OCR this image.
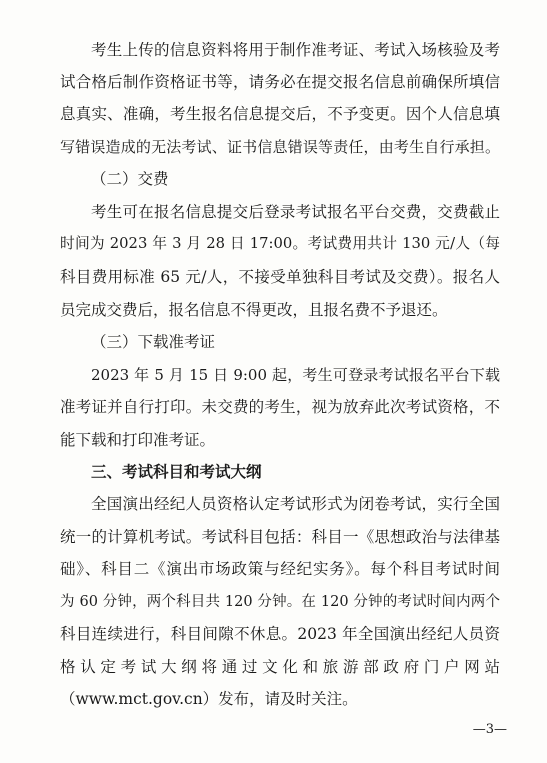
考生上传的信息资料将用于制作准考证、考试入场核验及考
试合格后制作资格证书等，请务必在提交报名信息前确保所填信
息真实、准确，考生报名信息提交后，不予变更。因个人信息填
写错误造成的无法考试、证书信息错误等责任，由考生自行承担。
（二）交费
考生可在报名信息提交后登录考试报名平台交费，交费截止
时间为 2023 年 3 月 28 日 17:00。考试费用共计 130 元/人（每
科目费用标准 65 元/人，不接受单独科目考试及交费）。报名人
员完成交费后，报名信息不得更改，且报名费不予退还。
（三）下载准考证
2023 年 5 月 15 日 9:00 起，考生可登录考试报名平台下载
准考证并自行打印。未交费的考生，视为放弃此次考试资格，不
能下载和打印准考证。
三、考试科目和考试大纲
全国演出经纪人员资格认定考试形式为闭卷考试，实行全国
统一的计算机考试。考试科目包括：科目一《思想政治与法律基
础》、科目二《演出市场政策与经纪实务》。每个科目考试时间
为 60 分钟，两个科目共 120 分钟。在 120 分钟的考试时间内两个
科目连续进行，科目间隙不休息。2023 年全国演出经纪人员资
格认定考试大纲将通过文化和旅游部政府门户网站
（www.mct.gov.cn）发布，请及时关注。
—3—
